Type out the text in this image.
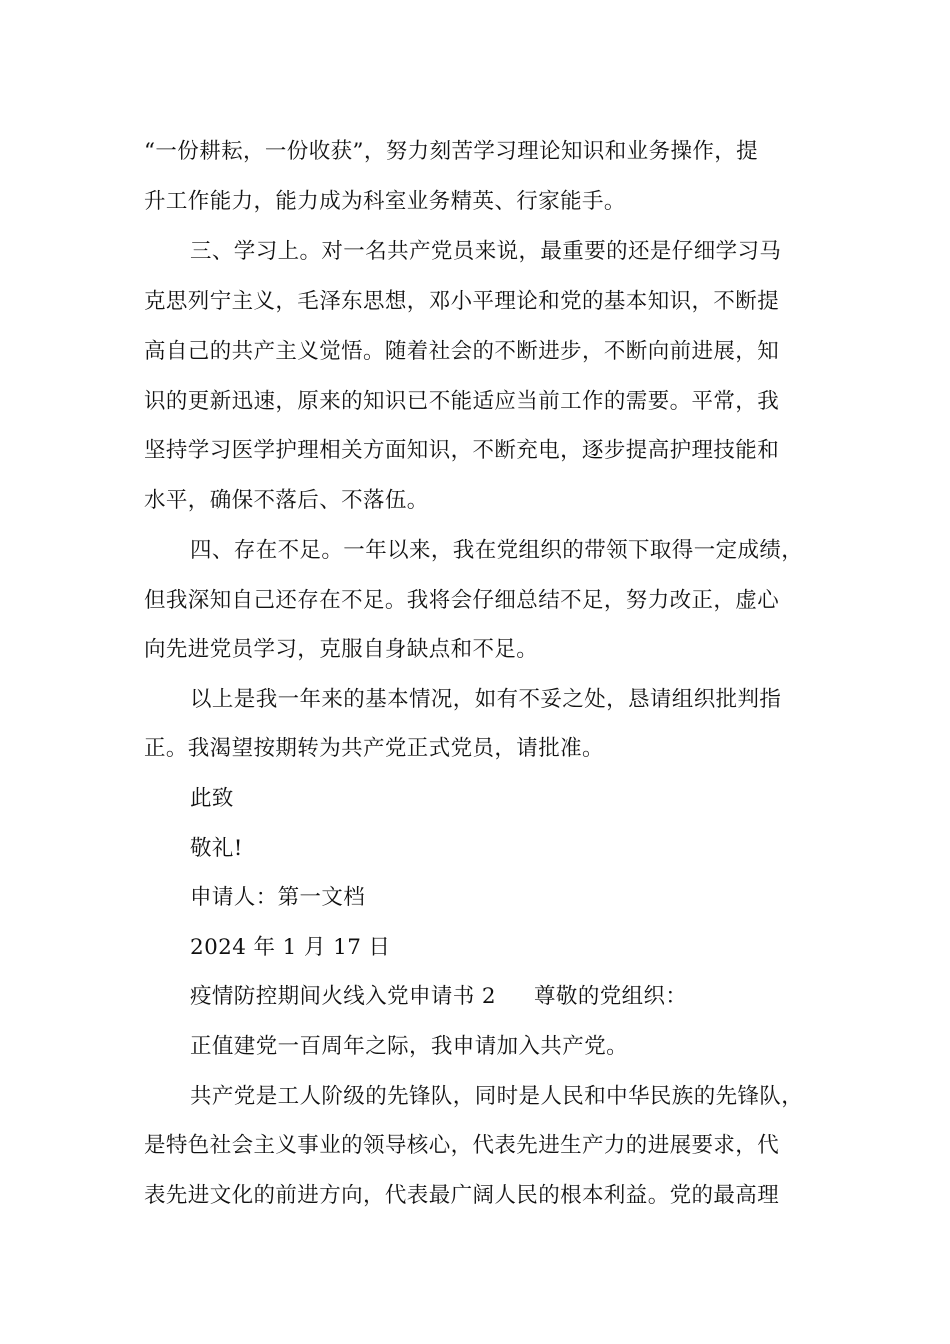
“一份耕耘，一份收获”，努力刻苦学习理论知识和业务操作，提
升工作能力，能力成为科室业务精英、行家能手。
三、学习上。对一名共产党员来说，最重要的还是仔细学习马
克思列宁主义，毛泽东思想，邓小平理论和党的基本知识，不断提
高自己的共产主义觉悟。随着社会的不断进步，不断向前进展，知
识的更新迅速，原来的知识已不能适应当前工作的需要。平常，我
坚持学习医学护理相关方面知识，不断充电，逐步提高护理技能和
水平，确保不落后、不落伍。
四、存在不足。一年以来，我在党组织的带领下取得一定成绩，
但我深知自己还存在不足。我将会仔细总结不足，努力改正，虚心
向先进党员学习，克服自身缺点和不足。
以上是我一年来的基本情况，如有不妥之处，恳请组织批判指
正。我渴望按期转为共产党正式党员，请批准。
此致
敬礼!
申请人：第一文档
2024 年 1 月 17 日
疫情防控期间火线入党申请书 2 尊敬的党组织：
正值建党一百周年之际，我申请加入共产党。
共产党是工人阶级的先锋队，同时是人民和中华民族的先锋队，
是特色社会主义事业的领导核心，代表先进生产力的进展要求，代
表先进文化的前进方向，代表最广阔人民的根本利益。党的最高理
